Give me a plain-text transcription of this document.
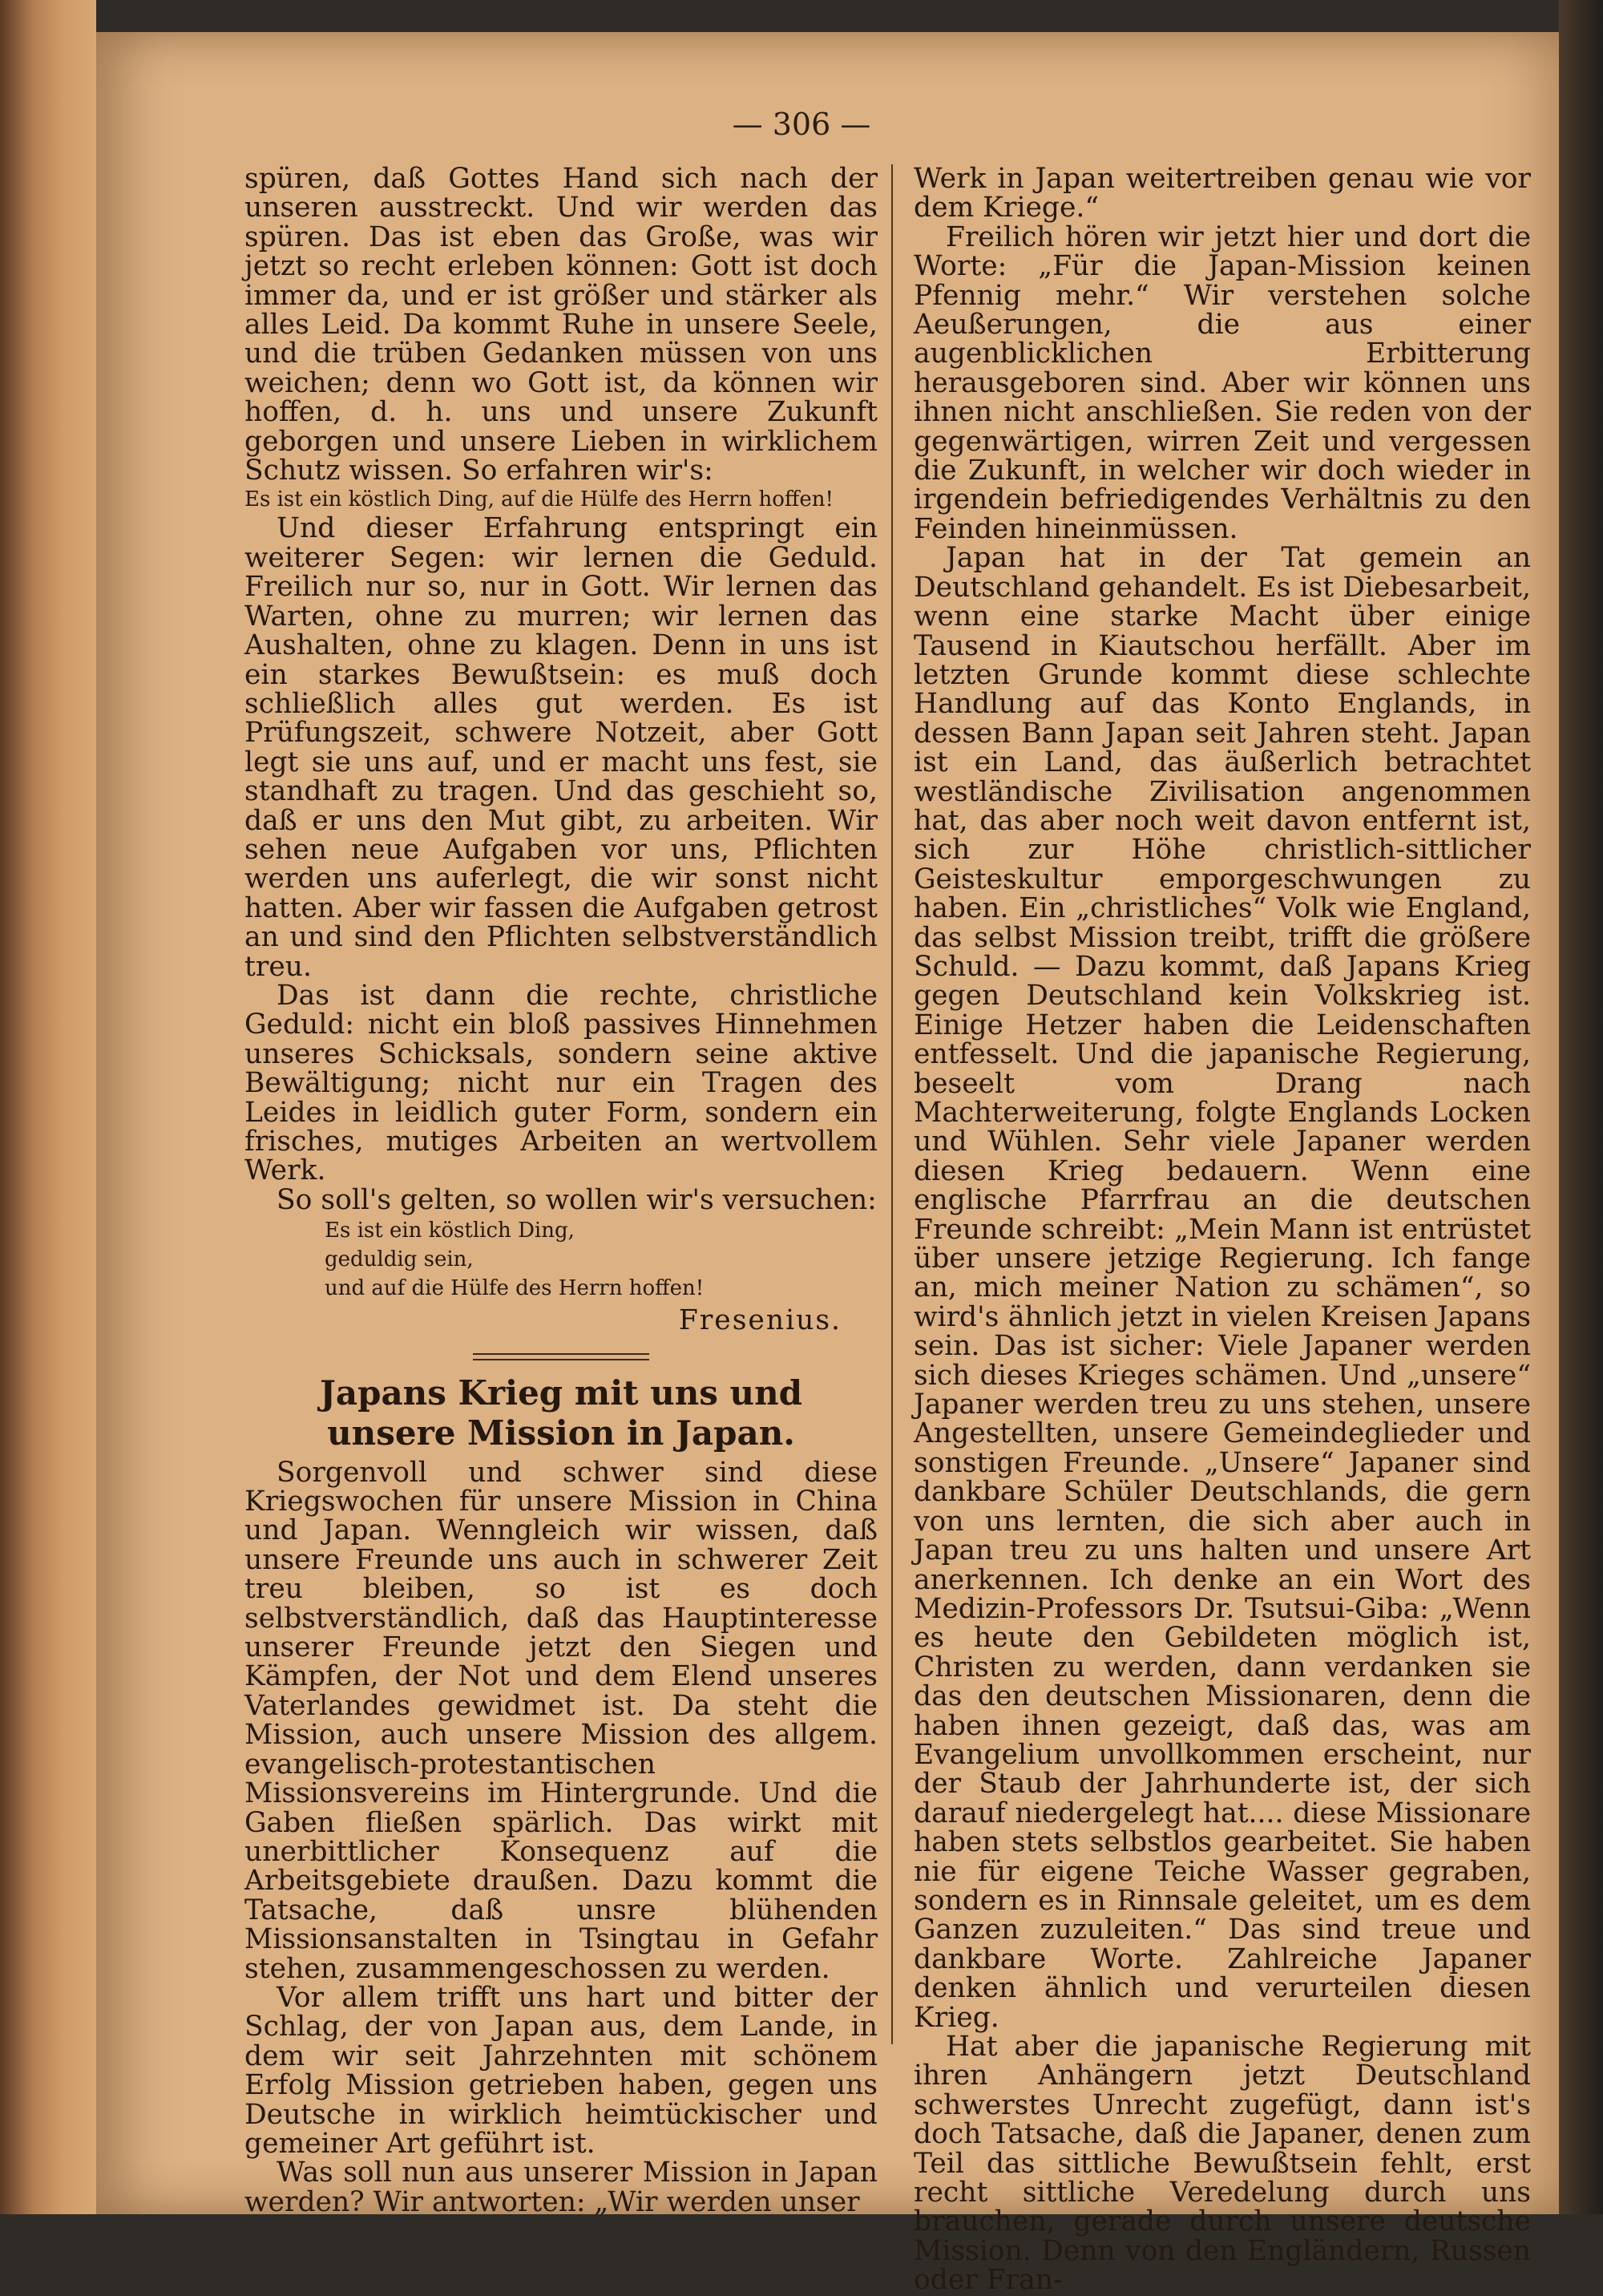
— 306 —

spüren, daß Gottes Hand sich nach der unseren ausstreckt. Und wir werden das spüren. Das ist eben das Große, was wir jetzt so recht erleben können: Gott ist doch immer da, und er ist größer und stärker als alles Leid. Da kommt Ruhe in unsere Seele, und die trüben Gedanken müssen von uns weichen; denn wo Gott ist, da können wir hoffen, d. h. uns und unsere Zukunft geborgen und unsere Lieben in wirklichem Schutz wissen. So erfahren wir's:

Es ist ein köstlich Ding, auf die Hülfe des Herrn hoffen!

Und dieser Erfahrung entspringt ein weiterer Segen: wir lernen die Geduld. Freilich nur so, nur in Gott. Wir lernen das Warten, ohne zu murren; wir lernen das Aushalten, ohne zu klagen. Denn in uns ist ein starkes Bewußtsein: es muß doch schließlich alles gut werden. Es ist Prüfungszeit, schwere Notzeit, aber Gott legt sie uns auf, und er macht uns fest, sie standhaft zu tragen. Und das geschieht so, daß er uns den Mut gibt, zu arbeiten. Wir sehen neue Aufgaben vor uns, Pflichten werden uns auferlegt, die wir sonst nicht hatten. Aber wir fassen die Aufgaben getrost an und sind den Pflichten selbstverständlich treu.

Das ist dann die rechte, christliche Geduld: nicht ein bloß passives Hinnehmen unseres Schicksals, sondern seine aktive Bewältigung; nicht nur ein Tragen des Leides in leidlich guter Form, sondern ein frisches, mutiges Arbeiten an wertvollem Werk.

So soll's gelten, so wollen wir's versuchen:

Es ist ein köstlich Ding,
geduldig sein,
und auf die Hülfe des Herrn hoffen!
Fresenius.
Japans Krieg mit uns und unsere Mission in Japan.

Sorgenvoll und schwer sind diese Kriegswochen für unsere Mission in China und Japan. Wenngleich wir wissen, daß unsere Freunde uns auch in schwerer Zeit treu bleiben, so ist es doch selbstverständlich, daß das Hauptinteresse unserer Freunde jetzt den Siegen und Kämpfen, der Not und dem Elend unseres Vaterlandes gewidmet ist. Da steht die Mission, auch unsere Mission des allgem. evangelisch-protestantischen Missionsvereins im Hintergrunde. Und die Gaben fließen spärlich. Das wirkt mit unerbittlicher Konsequenz auf die Arbeitsgebiete draußen. Dazu kommt die Tatsache, daß unsre blühenden Missionsanstalten in Tsingtau in Gefahr stehen, zusammengeschossen zu werden.

Vor allem trifft uns hart und bitter der Schlag, der von Japan aus, dem Lande, in dem wir seit Jahrzehnten mit schönem Erfolg Mission getrieben haben, gegen uns Deutsche in wirklich heimtückischer und gemeiner Art geführt ist.

Was soll nun aus unserer Mission in Japan werden? Wir antworten: „Wir werden unser

Werk in Japan weitertreiben genau wie vor dem Kriege.“

Freilich hören wir jetzt hier und dort die Worte: „Für die Japan-Mission keinen Pfennig mehr.“ Wir verstehen solche Aeußerungen, die aus einer augenblicklichen Erbitterung herausgeboren sind. Aber wir können uns ihnen nicht anschließen. Sie reden von der gegenwärtigen, wirren Zeit und vergessen die Zukunft, in welcher wir doch wieder in irgendein befriedigendes Verhältnis zu den Feinden hineinmüssen.

Japan hat in der Tat gemein an Deutschland gehandelt. Es ist Diebesarbeit, wenn eine starke Macht über einige Tausend in Kiautschou herfällt. Aber im letzten Grunde kommt diese schlechte Handlung auf das Konto Englands, in dessen Bann Japan seit Jahren steht. Japan ist ein Land, das äußerlich betrachtet westländische Zivilisation angenommen hat, das aber noch weit davon entfernt ist, sich zur Höhe christlich-sittlicher Geisteskultur emporgeschwungen zu haben. Ein „christliches“ Volk wie England, das selbst Mission treibt, trifft die größere Schuld. — Dazu kommt, daß Japans Krieg gegen Deutschland kein Volkskrieg ist. Einige Hetzer haben die Leidenschaften entfesselt. Und die japanische Regierung, beseelt vom Drang nach Machterweiterung, folgte Englands Locken und Wühlen. Sehr viele Japaner werden diesen Krieg bedauern. Wenn eine englische Pfarrfrau an die deutschen Freunde schreibt: „Mein Mann ist entrüstet über unsere jetzige Regierung. Ich fange an, mich meiner Nation zu schämen“, so wird's ähnlich jetzt in vielen Kreisen Japans sein. Das ist sicher: Viele Japaner werden sich dieses Krieges schämen. Und „unsere“ Japaner werden treu zu uns stehen, unsere Angestellten, unsere Gemeindeglieder und sonstigen Freunde. „Unsere“ Japaner sind dankbare Schüler Deutschlands, die gern von uns lernten, die sich aber auch in Japan treu zu uns halten und unsere Art anerkennen. Ich denke an ein Wort des Medizin-Professors Dr. Tsutsui-Giba: „Wenn es heute den Gebildeten möglich ist, Christen zu werden, dann verdanken sie das den deutschen Missionaren, denn die haben ihnen gezeigt, daß das, was am Evangelium unvollkommen erscheint, nur der Staub der Jahrhunderte ist, der sich darauf niedergelegt hat.... diese Missionare haben stets selbstlos gearbeitet. Sie haben nie für eigene Teiche Wasser gegraben, sondern es in Rinnsale geleitet, um es dem Ganzen zuzuleiten.“ Das sind treue und dankbare Worte. Zahlreiche Japaner denken ähnlich und verurteilen diesen Krieg.

Hat aber die japanische Regierung mit ihren Anhängern jetzt Deutschland schwerstes Unrecht zugefügt, dann ist's doch Tatsache, daß die Japaner, denen zum Teil das sittliche Bewußtsein fehlt, erst recht sittliche Veredelung durch uns brauchen, gerade durch unsere deutsche Mission. Denn von den Engländern, Russen oder Fran-
